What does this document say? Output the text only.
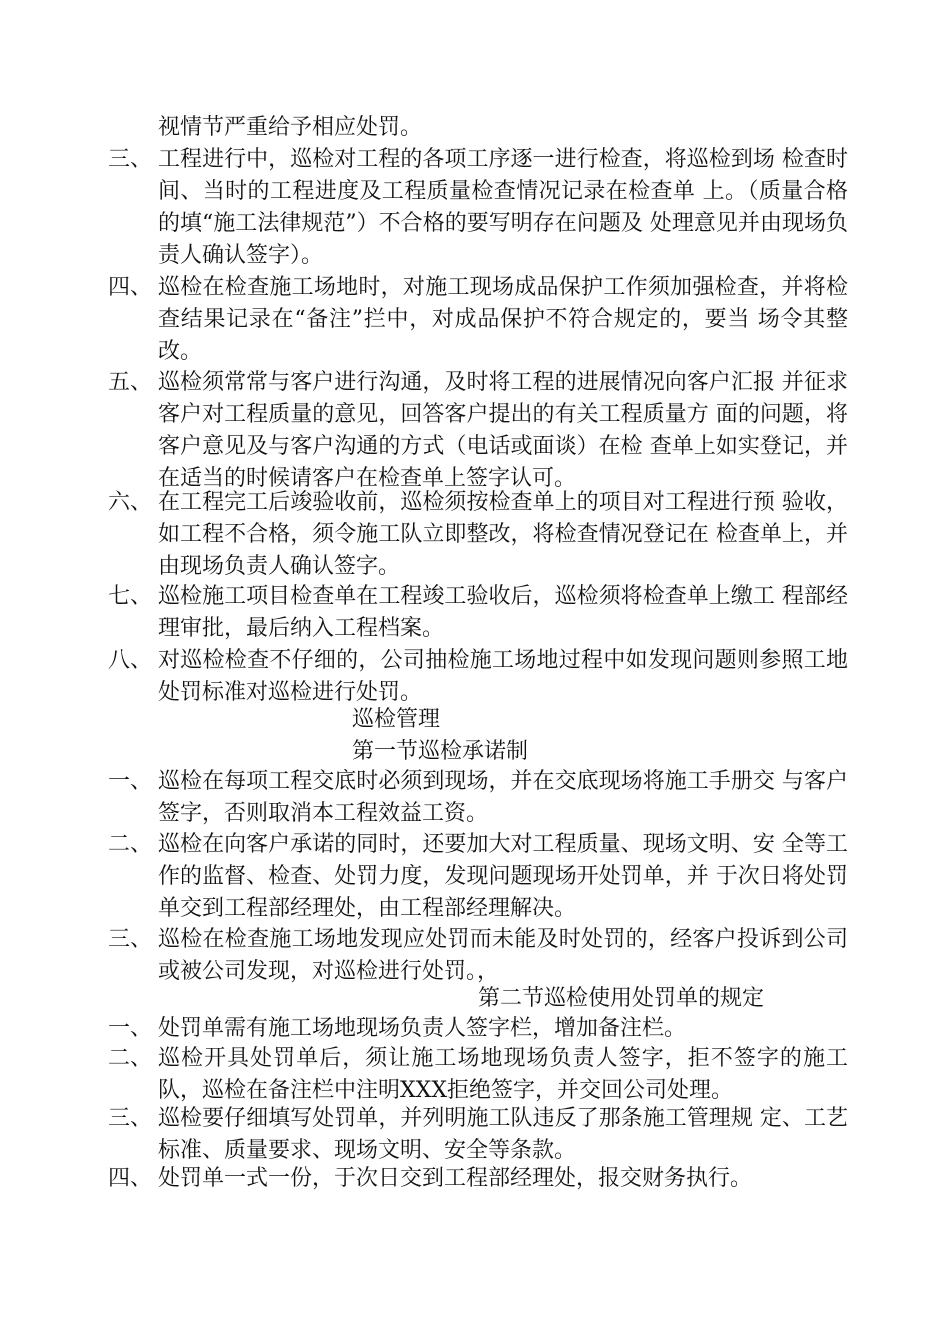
视情节严重给予相应处罚。
三、 工程进行中，巡检对工程的各项工序逐一进行检查，将巡检到场 检查时间、当时的工程进度及工程质量检查情况记录在检查单 上。（质量合格的填“施工法律规范”）不合格的要写明存在问题及 处理意见并由现场负责人确认签字）。
四、 巡检在检查施工场地时，对施工现场成品保护工作须加强检查，并将检查结果记录在“备注”拦中，对成品保护不符合规定的，要当 场令其整改。
五、 巡检须常常与客户进行沟通，及时将工程的进展情况向客户汇报 并征求客户对工程质量的意见，回答客户提出的有关工程质量方 面的问题，将客户意见及与客户沟通的方式（电话或面谈）在检 查单上如实登记，并在适当的时候请客户在检查单上签字认可。
六、 在工程完工后竣验收前，巡检须按检查单上的项目对工程进行预 验收，如工程不合格，须令施工队立即整改，将检查情况登记在 检查单上，并由现场负责人确认签字。
七、 巡检施工项目检查单在工程竣工验收后，巡检须将检查单上缴工 程部经理审批，最后纳入工程档案。
八、 对巡检检查不仔细的，公司抽检施工场地过程中如发现问题则参照工地处罚标准对巡检进行处罚。
巡检管理
第一节巡检承诺制
一、 巡检在每项工程交底时必须到现场，并在交底现场将施工手册交 与客户签字，否则取消本工程效益工资。
二、 巡检在向客户承诺的同时，还要加大对工程质量、现场文明、安 全等工作的监督、检查、处罚力度，发现问题现场开处罚单，并 于次日将处罚单交到工程部经理处，由工程部经理解决。
三、 巡检在检查施工场地发现应处罚而未能及时处罚的，经客户投诉到公司或被公司发现，对巡检进行处罚。，
第二节巡检使用处罚单的规定
一、 处罚单需有施工场地现场负责人签字栏，增加备注栏。
二、 巡检开具处罚单后，须让施工场地现场负责人签字，拒不签字的施工队，巡检在备注栏中注明XXX拒绝签字，并交回公司处理。
三、 巡检要仔细填写处罚单，并列明施工队违反了那条施工管理规 定、工艺标准、质量要求、现场文明、安全等条款。
四、 处罚单一式一份，于次日交到工程部经理处，报交财务执行。
